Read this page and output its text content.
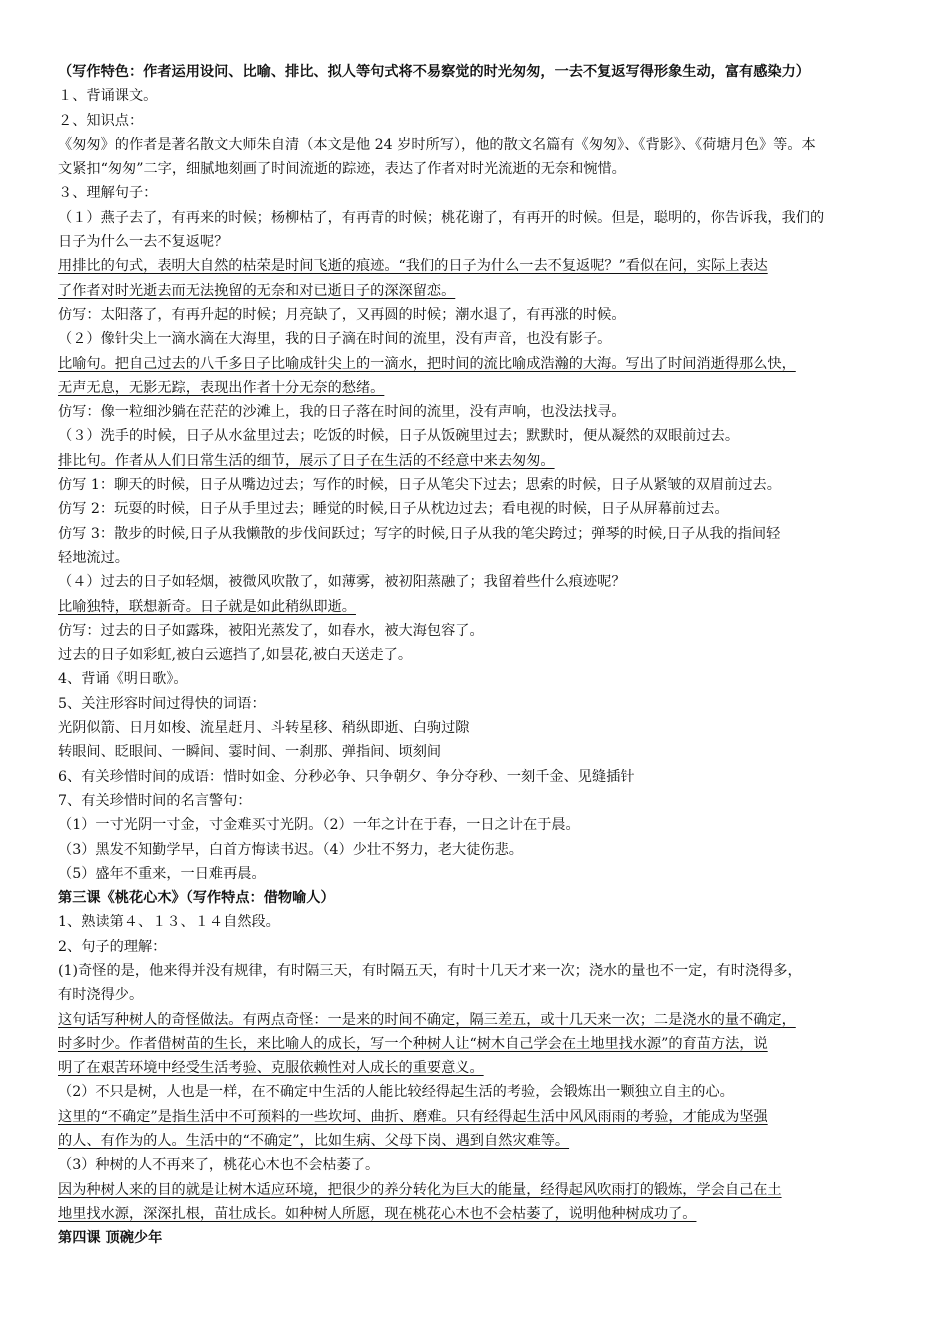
（写作特色：作者运用设问、比喻、排比、拟人等句式将不易察觉的时光匆匆，一去不复返写得形象生动，富有感染力）
１、背诵课文。
２、知识点：
《匆匆》的作者是著名散文大师朱自清（本文是他 24 岁时所写），他的散文名篇有《匆匆》、《背影》、《荷塘月色》等。本
文紧扣“匆匆”二字，细腻地刻画了时间流逝的踪迹，表达了作者对时光流逝的无奈和惋惜。
３、理解句子：
（１）燕子去了，有再来的时候；杨柳枯了，有再青的时候；桃花谢了，有再开的时候。但是，聪明的，你告诉我，我们的
日子为什么一去不复返呢？
用排比的句式，表明大自然的枯荣是时间飞逝的痕迹。“我们的日子为什么一去不复返呢？”看似在问，实际上表达
了作者对时光逝去而无法挽留的无奈和对已逝日子的深深留恋。
仿写：太阳落了，有再升起的时候；月亮缺了，又再圆的时候；潮水退了，有再涨的时候。
（２）像针尖上一滴水滴在大海里，我的日子滴在时间的流里，没有声音，也没有影子。
比喻句。把自己过去的八千多日子比喻成针尖上的一滴水，把时间的流比喻成浩瀚的大海。写出了时间消逝得那么快，
无声无息，无影无踪，表现出作者十分无奈的愁绪。
仿写：像一粒细沙躺在茫茫的沙滩上，我的日子落在时间的流里，没有声响，也没法找寻。
（３）洗手的时候，日子从水盆里过去；吃饭的时候，日子从饭碗里过去；默默时，便从凝然的双眼前过去。
排比句。作者从人们日常生活的细节，展示了日子在生活的不经意中来去匆匆。
仿写 1：聊天的时候，日子从嘴边过去；写作的时候，日子从笔尖下过去；思索的时候，日子从紧皱的双眉前过去。
仿写 2：玩耍的时候，日子从手里过去；睡觉的时候,日子从枕边过去；看电视的时候，日子从屏幕前过去。
仿写 3：散步的时候,日子从我懒散的步伐间跃过；写字的时候,日子从我的笔尖跨过；弹琴的时候,日子从我的指间轻
轻地流过。
（４）过去的日子如轻烟，被微风吹散了，如薄雾，被初阳蒸融了；我留着些什么痕迹呢？
比喻独特，联想新奇。日子就是如此稍纵即逝。
仿写：过去的日子如露珠，被阳光蒸发了，如春水，被大海包容了。
过去的日子如彩虹,被白云遮挡了,如昙花,被白天送走了。
4、背诵《明日歌》。
5、关注形容时间过得快的词语：
光阴似箭、日月如梭、流星赶月、斗转星移、稍纵即逝、白驹过隙
转眼间、眨眼间、一瞬间、霎时间、一刹那、弹指间、顷刻间
6、有关珍惜时间的成语：惜时如金、分秒必争、只争朝夕、争分夺秒、一刻千金、见缝插针
7、有关珍惜时间的名言警句：
（1）一寸光阴一寸金，寸金难买寸光阴。（2）一年之计在于春，一日之计在于晨。
（3）黑发不知勤学早，白首方悔读书迟。（4）少壮不努力，老大徒伤悲。
（5）盛年不重来，一日难再晨。
第三课《桃花心木》（写作特点：借物喻人）
1、熟读第４、１３、１４自然段。
2、句子的理解：
(1)奇怪的是，他来得并没有规律，有时隔三天，有时隔五天，有时十几天才来一次；浇水的量也不一定，有时浇得多，
有时浇得少。
这句话写种树人的奇怪做法。有两点奇怪：一是来的时间不确定，隔三差五，或十几天来一次；二是浇水的量不确定，
时多时少。作者借树苗的生长，来比喻人的成长，写一个种树人让“树木自己学会在土地里找水源”的育苗方法，说
明了在艰苦环境中经受生活考验、克服依赖性对人成长的重要意义。
（2）不只是树，人也是一样，在不确定中生活的人能比较经得起生活的考验，会锻炼出一颗独立自主的心。
这里的“不确定”是指生活中不可预料的一些坎坷、曲折、磨难。只有经得起生活中风风雨雨的考验，才能成为坚强
的人、有作为的人。生活中的“不确定”，比如生病、父母下岗、遇到自然灾难等。
（3）种树的人不再来了，桃花心木也不会枯萎了。
因为种树人来的目的就是让树木适应环境，把很少的养分转化为巨大的能量，经得起风吹雨打的锻炼，学会自己在土
地里找水源，深深扎根，苗壮成长。如种树人所愿，现在桃花心木也不会枯萎了，说明他种树成功了。
第四课 顶碗少年
